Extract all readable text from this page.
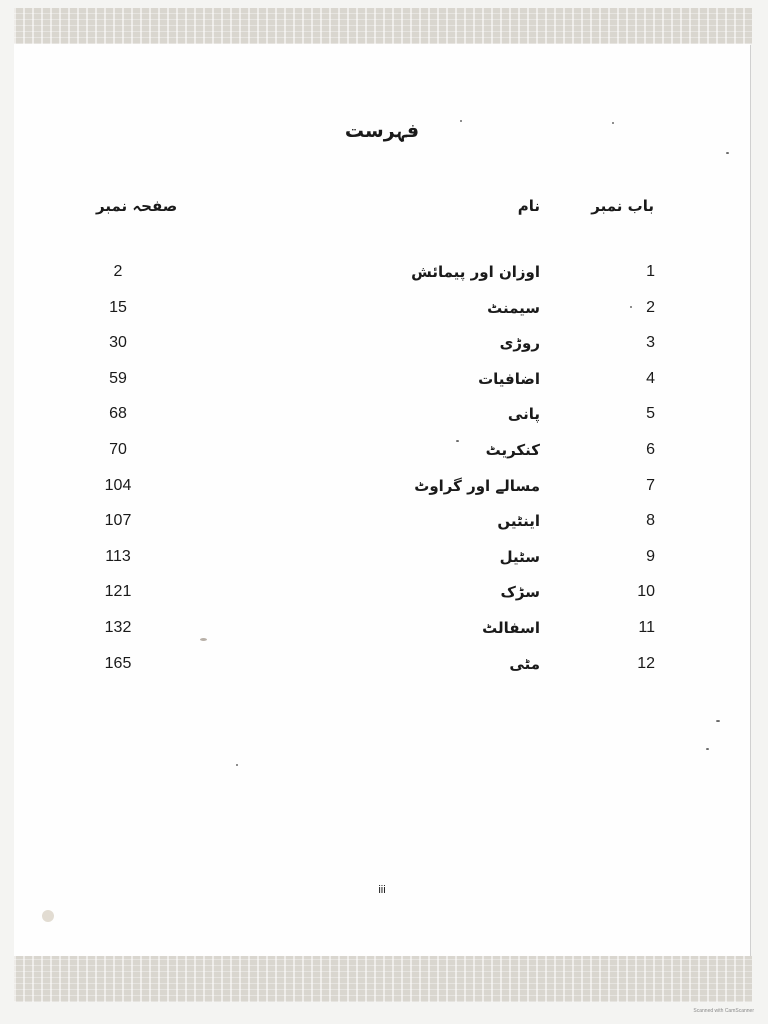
فہرست
باب نمبر
نام
صفحہ نمبر
1
اوزان اور پیمائش
2
2
سیمنٹ
15
3
روڑی
30
4
اضافیات
59
5
پانی
68
6
کنکریٹ
70
7
مسالے اور گراوٹ
104
8
اینٹیں
107
9
سٹیل
113
10
سڑک
121
11
اسفالٹ
132
12
مٹی
165
iii
Scanned with CamScanner
